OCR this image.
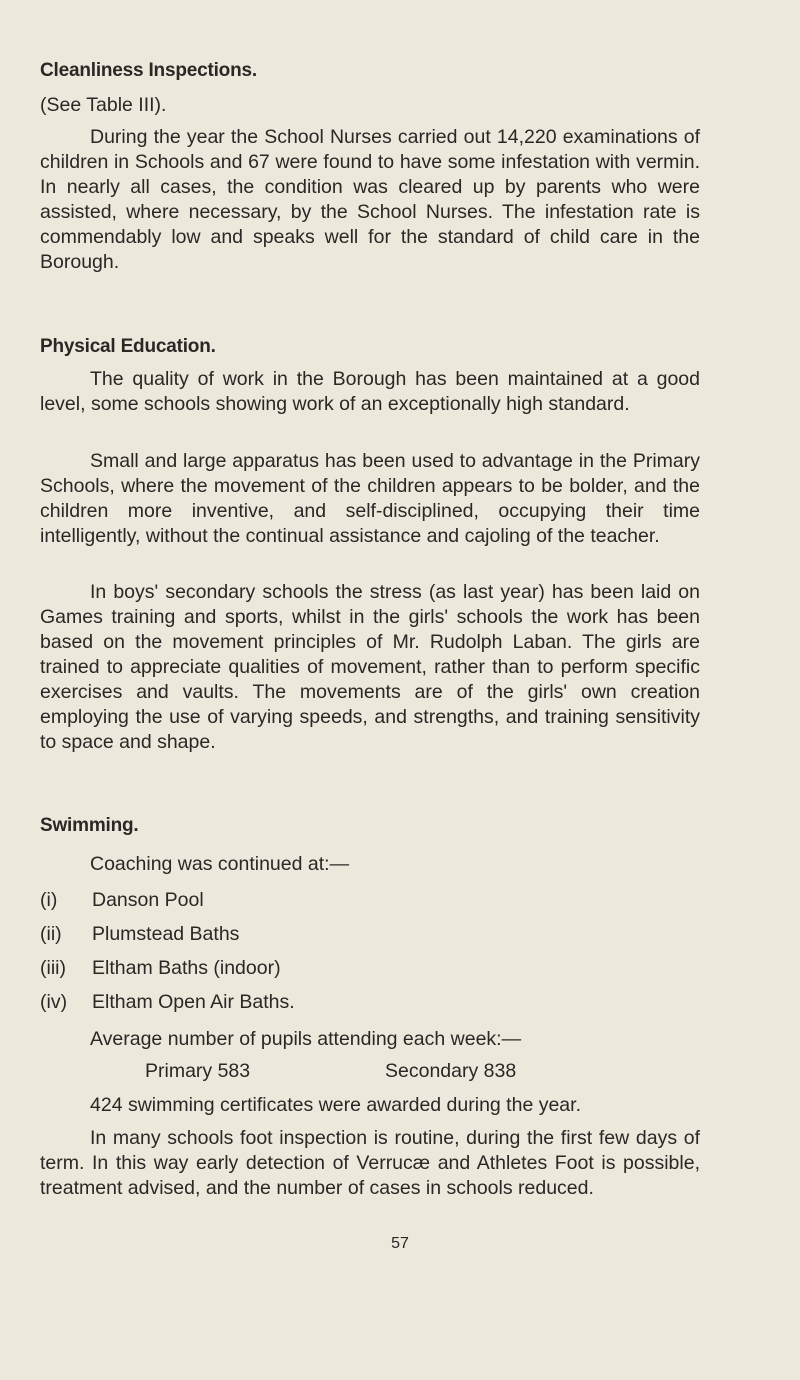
Cleanliness Inspections.

(See Table III).

During the year the School Nurses carried out 14,220 examinations of children in Schools and 67 were found to have some infestation with vermin. In nearly all cases, the condition was cleared up by parents who were assisted, where necessary, by the School Nurses. The infestation rate is commendably low and speaks well for the standard of child care in the Borough.

Physical Education.

The quality of work in the Borough has been maintained at a good level, some schools showing work of an exceptionally high standard.

Small and large apparatus has been used to advantage in the Primary Schools, where the movement of the children appears to be bolder, and the children more inventive, and self-disciplined, occupying their time intelligently, without the continual assistance and cajoling of the teacher.

In boys' secondary schools the stress (as last year) has been laid on Games training and sports, whilst in the girls' schools the work has been based on the movement principles of Mr. Rudolph Laban. The girls are trained to appreciate qualities of movement, rather than to perform specific exercises and vaults. The movements are of the girls' own creation employing the use of varying speeds, and strengths, and training sensitivity to space and shape.

Swimming.

Coaching was continued at:—

(i) Danson Pool
(ii) Plumstead Baths
(iii) Eltham Baths (indoor)
(iv) Eltham Open Air Baths.

Average number of pupils attending each week:—

Primary 583	Secondary 838

424 swimming certificates were awarded during the year.

In many schools foot inspection is routine, during the first few days of term. In this way early detection of Verrucæ and Athletes Foot is possible, treatment advised, and the number of cases in schools reduced.

57
